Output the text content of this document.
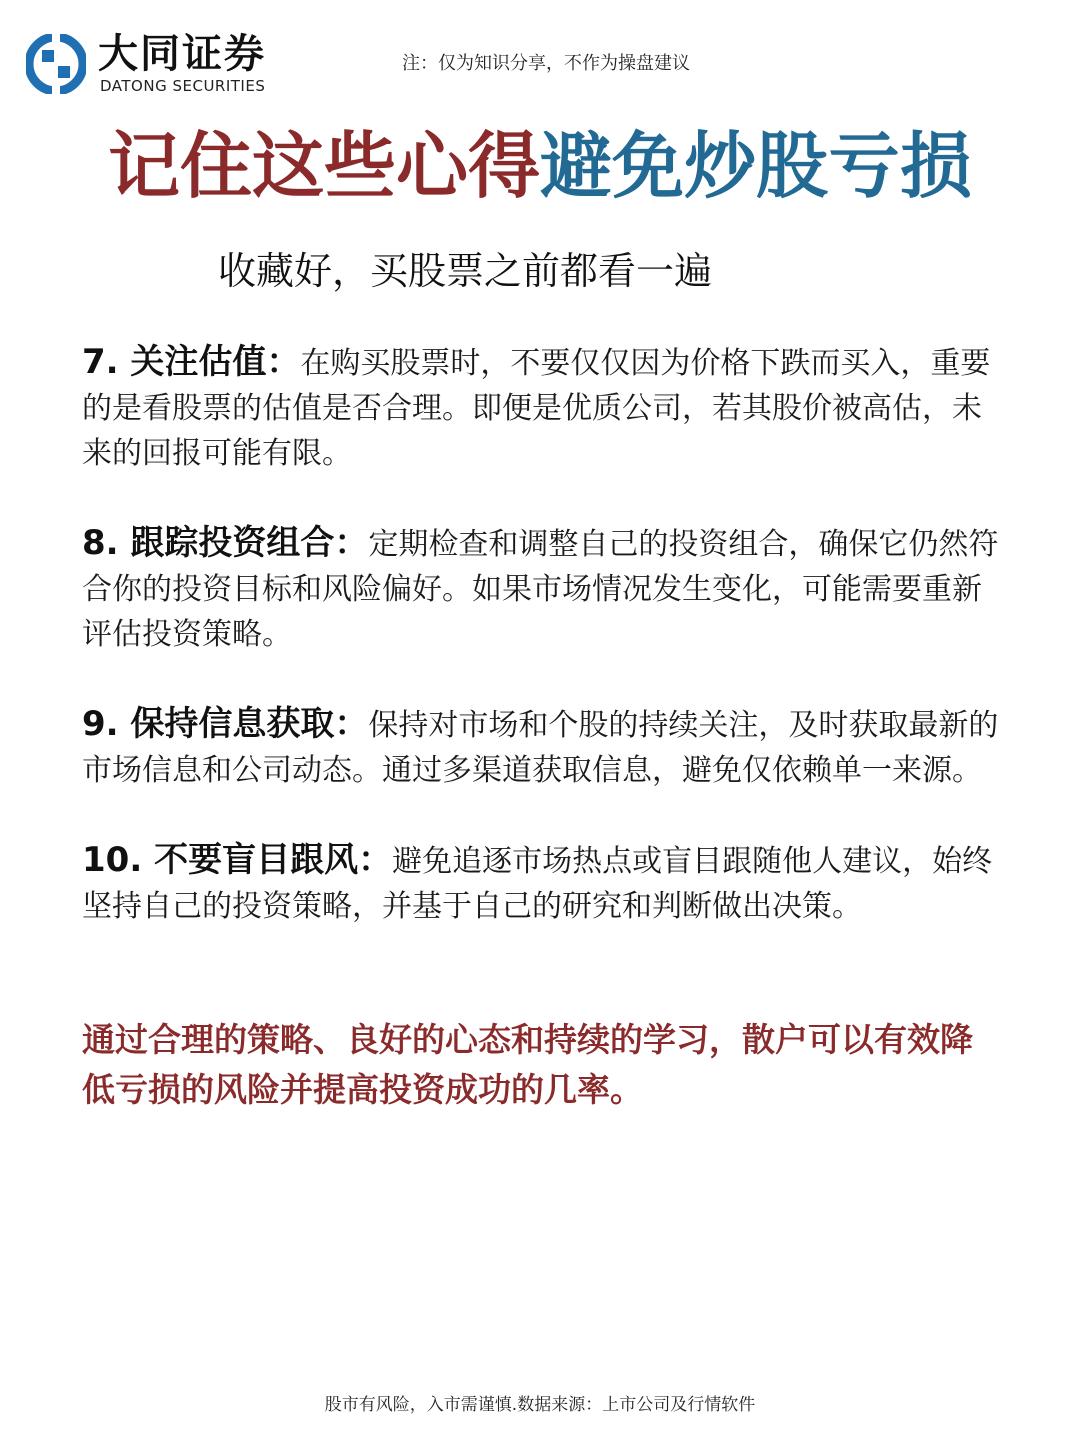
大同证券
DATONG SECURITIES
注：仅为知识分享，不作为操盘建议
记住这些心得避免炒股亏损
收藏好，买股票之前都看一遍

7. 关注估值：在购买股票时，不要仅仅因为价格下跌而买入，重要的是看股票的估值是否合理。即便是优质公司，若其股价被高估，未来的回报可能有限。

8. 跟踪投资组合：定期检查和调整自己的投资组合，确保它仍然符合你的投资目标和风险偏好。如果市场情况发生变化，可能需要重新评估投资策略。

9. 保持信息获取：保持对市场和个股的持续关注，及时获取最新的市场信息和公司动态。通过多渠道获取信息，避免仅依赖单一来源。

10. 不要盲目跟风：避免追逐市场热点或盲目跟随他人建议，始终坚持自己的投资策略，并基于自己的研究和判断做出决策。

通过合理的策略、良好的心态和持续的学习，散户可以有效降低亏损的风险并提高投资成功的几率。
股市有风险，入市需谨慎.数据来源：上市公司及行情软件
